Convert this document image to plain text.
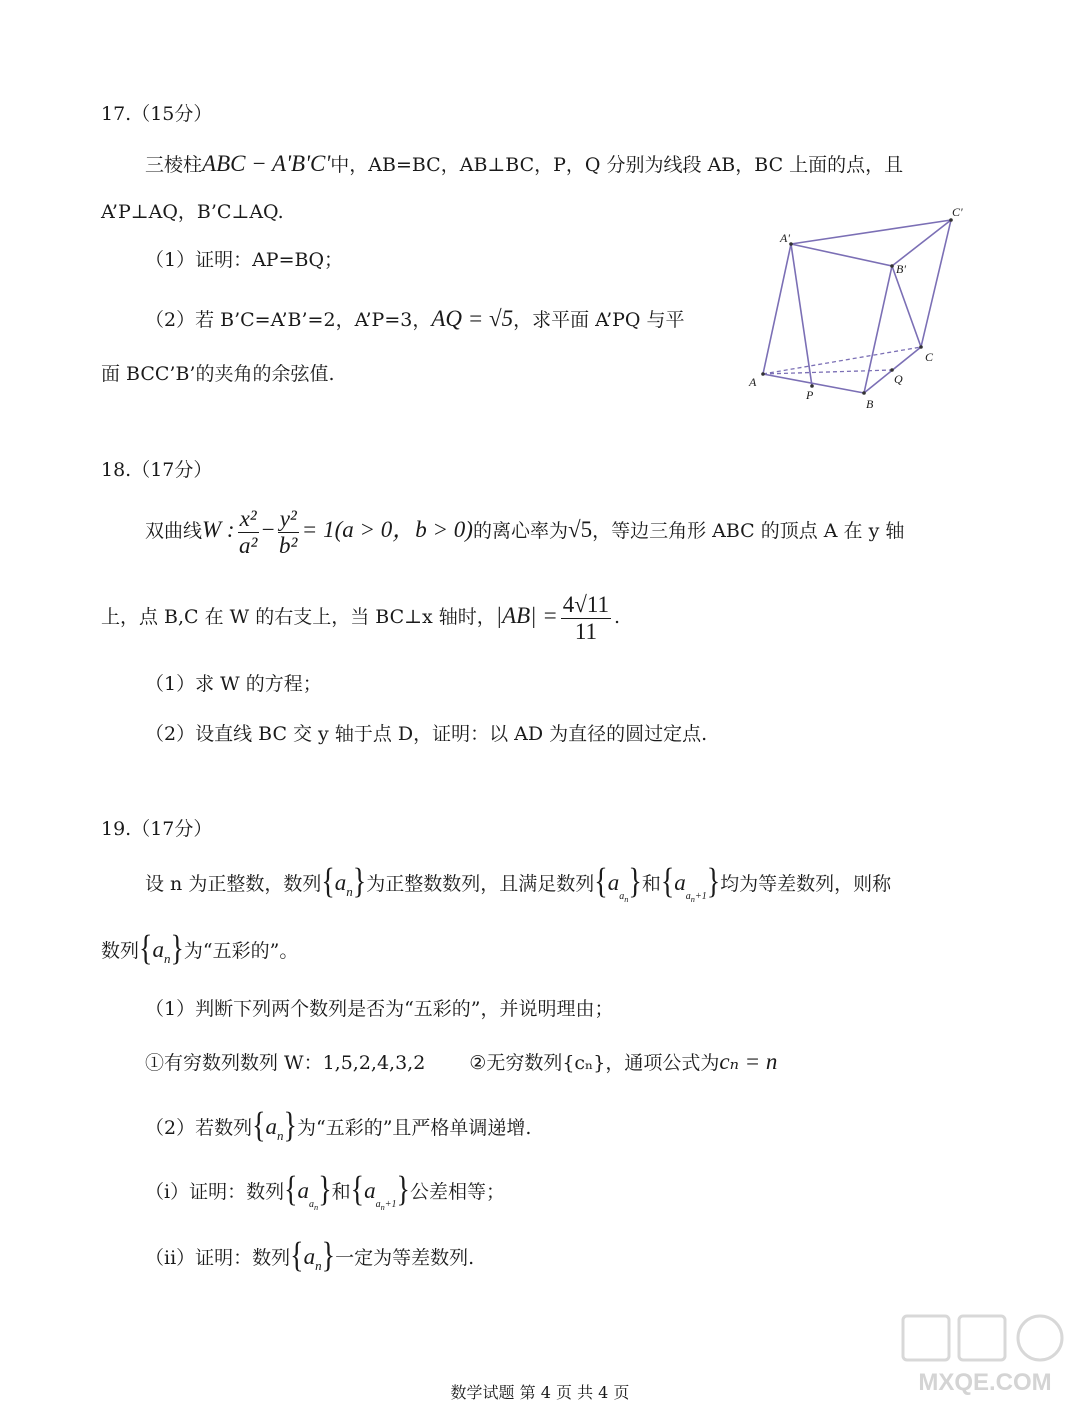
17.（15分）
三棱柱ABC − A'B'C'中，AB=BC，AB⊥BC，P，Q 分别为线段 AB，BC 上面的点，且
A’P⊥AQ，B’C⊥AQ.
（1）证明：AP=BQ；
（2）若 B’C=A’B’=2，A’P=3，AQ = √5，求平面 A’PQ 与平
面 BCC’B’的夹角的余弦值.
A'
B'
C'
A
B
C
P
Q
18.（17分）
双曲线W : $\frac{\text{x²}}{\text{a²}} - \frac{\text{y²}}{\text{b²}} = 1(a > 0$，b > 0)的离心率为√5，等边三角形 ABC 的顶点 A 在 y 轴
上，点 B,C 在 W 的右支上，当 BC⊥x 轴时，$|AB| = \frac{4√11}{11}$ .
（1）求 W 的方程；
（2）设直线 BC 交 y 轴于点 D，证明：以 AD 为直径的圆过定点.
19.（17分）
设 n 为正整数，数列$\{a_n\}$为正整数数列，且满足数列$\{a_{a_n}\}$和$\{a_{a_n+1}\}$均为等差数列，则称
数列$\{a_n\}$为“五彩的”。
（1）判断下列两个数列是否为“五彩的”，并说明理由；
①有穷数列数列 W：1,5,2,4,3,2 ②无穷数列{cₙ}，通项公式为cₙ = n
（2）若数列$\{a_n\}$为“五彩的”且严格单调递增.
（i）证明：数列$\{a_{a_n}\}$和$\{a_{a_n+1}\}$公差相等；
（ii）证明：数列$\{a_n\}$一定为等差数列.
数学试题 第 4 页 共 4 页	MXQE.COM
